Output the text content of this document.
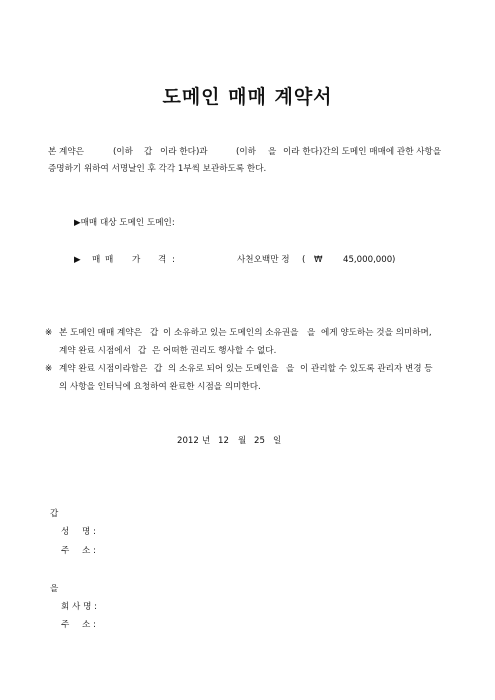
도메인 매매 계약서
본 계약은	(이하 갑 이라 한다)과	(이하 을 이라 한다)간의 도메인 매매에 관한 사항을
증명하기 위하여 서명날인 후 각각 1부씩 보관하도록 한다.
▶매매 대상 도메인 도메인:
▶ 매 매 가 격 :	사천오백만 정 ( ₩ 45,000,000 )
※ 본 도메인 매매 계약은 갑 이 소유하고 있는 도메인의 소유권을 을 에게 양도하는 것을 의미하며,
계약 완료 시점에서 갑 은 어떠한 권리도 행사할 수 없다.
※ 계약 완료 시점이라함은 갑 의 소유로 되어 있는 도메인을 을 이 관리할 수 있도록 관리자 변경 등
의 사항을 인터닉에 요청하여 완료한 시점을 의미한다.
2012 년 12 월 25 일
갑
성 명 :
주 소 :
을
회 사 명 :
주 소 :
